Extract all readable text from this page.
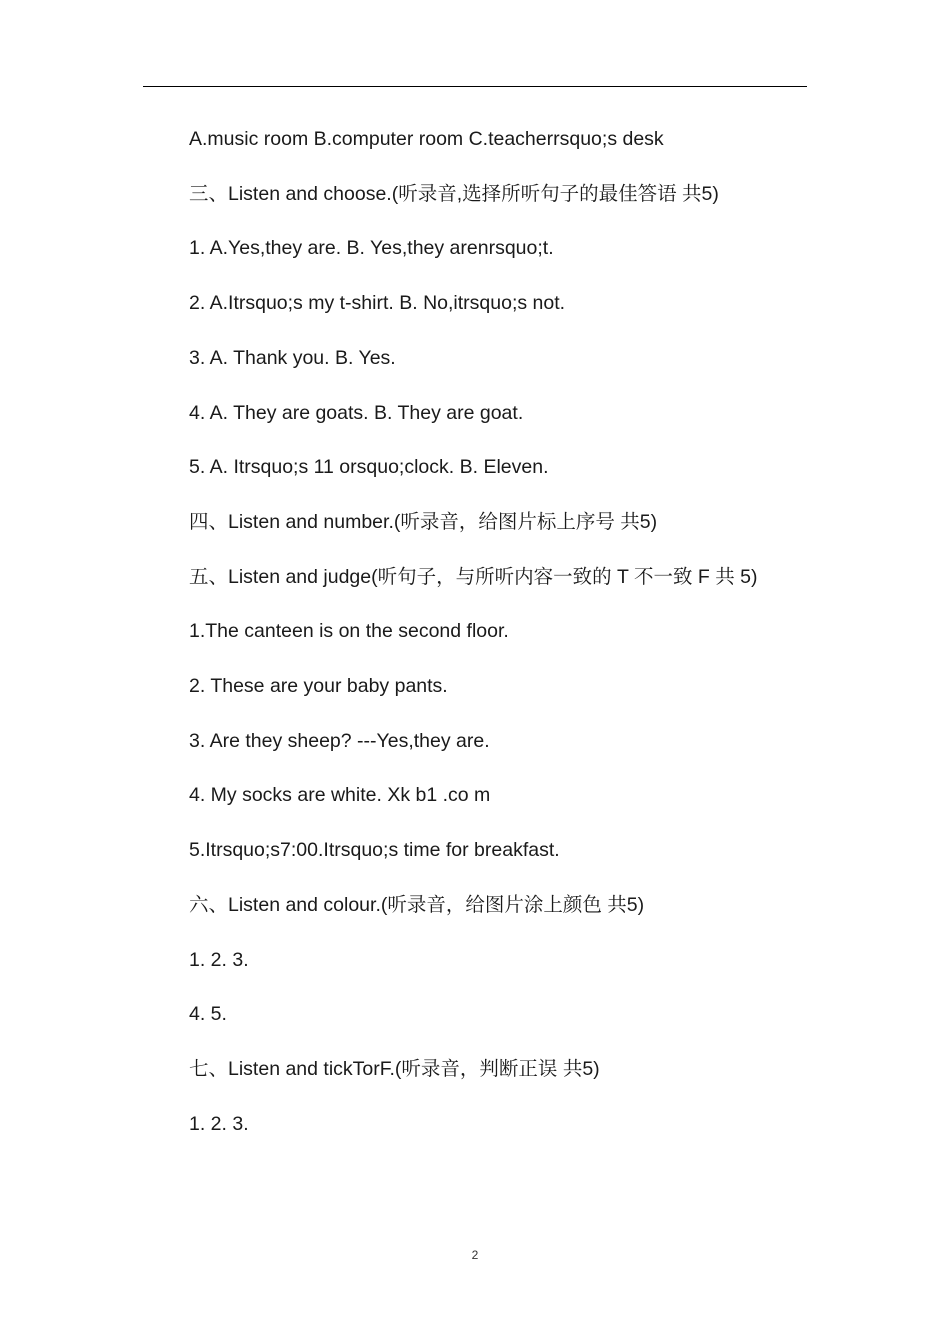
A.music room B.computer room C.teacherrsquo;s desk

三、Listen and choose.(听录音,选择所听句子的最佳答语 共5)

1. A.Yes,they are. B. Yes,they arenrsquo;t.

2. A.Itrsquo;s my t-shirt. B. No,itrsquo;s not.

3. A. Thank you. B. Yes.

4. A. They are goats. B. They are goat.

5. A. Itrsquo;s 11 orsquo;clock. B. Eleven.

四、Listen and number.(听录音，给图片标上序号 共5)

五、Listen and judge(听句子，与所听内容一致的 T 不一致 F 共 5)

1.The canteen is on the second floor.

2. These are your baby pants.

3. Are they sheep? ---Yes,they are.

4. My socks are white. Xk b1 .co m

5.Itrsquo;s7:00.Itrsquo;s time for breakfast.

六、Listen and colour.(听录音，给图片涂上颜色 共5)

1. 2. 3.

4. 5.

七、Listen and tickTorF.(听录音，判断正误 共5)

1. 2. 3.

2
